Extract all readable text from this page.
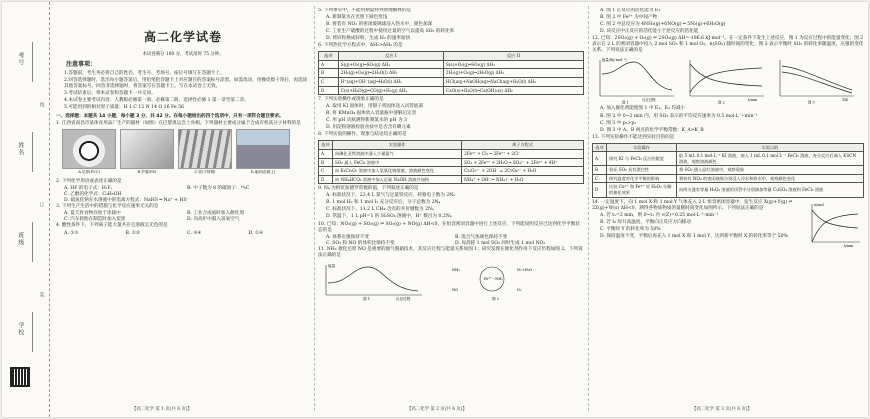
考号
姓名
班级
学校
线
订
装
高二化学试卷
本试卷满分 100 分，考试用时 75 分钟。
注意事项：

1.答题前，考生务必将自己的姓名、考生号、考场号、座位号填写在答题卡上。

2.回答选择题时，选出每小题答案后，用铅笔把答题卡上对应题目的答案标号涂黑。如需改动，用橡皮擦干净后，再选涂其他答案标号。回答非选择题时，将答案写在答题卡上。写在本试卷上无效。

3.考试结束后，将本试卷和答题卡一并交回。

4.本试卷主要考试内容：人教版必修第一册、必修第二册、选择性必修 1 第一章至第二章。

5.可能用到的相对原子质量：H 1 C 12 N 14 O 16 Fe 56

一、选择题：本题共 14 小题，每小题 3 分，共 42 分。在每小题给出的四个选项中，只有一项符合题目要求。

1. 江西省南昌市某体育用品厂生产的器材（如图）在巴黎奥运会上亮相。下列器材主要成分属于合成有机高分子材料的是

A.足球(PVC)	B.护膝(PE)	C.管(不锈钢)	D.地面(混凝土)

2. 下列化学用语或表述正确的是

A. HF 的电子式：H:F:	B. 中子数为 8 的碳原子：¹⁴₆C
C. 乙醇的化学式：C₂H₅OH
D. 硫氢化钠在水溶液中的电离方程式：NaHS ═ Na⁺ + HS⁻

3. 下列生产生活中的措施与化学反应速率无关的是

A. 夏天将食物存放于冰箱中	B. 工业合成氨时加入催化剂
C. 汽车轮胎在制造时加入炭黑	D. 向高炉中鼓入富氧空气

4. 酸性条件下，下列离子能大量共存且溶液呈无色的是

A. ①②	B. ②③	C. ③④	D. ①④
【高二化学 第 1 页(共 6 页)】

5. 下列事实中，不能用勒夏特列原理解释的是

A. 新制氯水在光照下颜色变浅

B. 将装有 NO₂ 的密闭玻璃球浸入热水中，颜色加深

C. 工业生产硫酸的过程中使用过量的空气以提高 SO₂ 的转化率

D. 将锌粒换成锌粉，生成 H₂ 的速率加快

6. 下列热化学方程式中，ΔH₁>ΔH₂ 的是

选项	反应 I	反应 II
A	S(g)+O₂(g)═SO₂(g) ΔH₁	S(s)+O₂(g)═SO₂(g) ΔH₂
B	2H₂(g)+O₂(g)═2H₂O(l) ΔH₁	2H₂(g)+O₂(g)═2H₂O(g) ΔH₂
C	H⁺(aq)+OH⁻(aq)═H₂O(l) ΔH₁	HCl(aq)+NaOH(aq)═NaCl(aq)+H₂O(l) ΔH₂
D	C(s)+H₂O(g)═CO(g)+H₂(g) ΔH₁	CaO(s)+H₂O(l)═Ca(OH)₂(s) ΔH₂

7. 下列实验操作或现象正确的是

A. 取用 KI 固体时，用镊子将固体送入试管底部

B. 将 KMnO₄ 固体放入容量瓶中溶解后定容

C. 用 pH 试纸测得新制氯水的 pH 为 3

D. 用淀粉溶液检验食盐中是否含有碘元素

8. 下列实验的操作、现象与结论均正确的是

选项	实验操作	离子方程式
A	向碘化亚铁溶液中通入少量氯气	2Fe²⁺ + Cl₂ ═ 2Fe³⁺ + 2Cl⁻
B	SO₂ 通入 FeCl₃ 溶液中	SO₂ + 2Fe³⁺ + 2H₂O ═ SO₄²⁻ + 2Fe²⁺ + 4H⁺
C	向 K₂Cr₂O₇ 溶液中加入氢氧化钠溶液，溶液颜色变化	Cr₂O₇²⁻ + 2OH⁻ ⇌ 2CrO₄²⁻ + H₂O
D	向 NH₄HCO₃ 溶液中加入足量 NaOH 溶液并加热	NH₄⁺ + OH⁻ ═ NH₃↑ + H₂O

9. Nₐ 为阿伏加德罗常数的值，下列叙述正确的是

A. 标准状况下，22.4 L 氯气与足量铁反应，转移电子数为 2Nₐ

B. 1 mol H₂ 和 1 mol I₂ 充分反应后，分子总数为 2Nₐ

C. 标准状况下，11.2 L CH₄ 含有的共价键数为 2Nₐ

D. 常温下，1 L pH=1 的 H₂SO₄ 溶液中，H⁺ 数目为 0.2Nₐ

10. 已知：NO₂(g) + SO₂(g) ⇌ SO₃(g) + NO(g) ΔH<0，在恒容密闭容器中进行上述反应，下列能说明反应已达到化学平衡状态的是

A. 体系压强保持不变	B. 混合气体颜色保持不变
C. SO₃ 和 NO 的体积比保持不变	D. 每消耗 1 mol SO₃ 同时生成 1 mol NO₂

11. NH₃ 催化还原 NO 是重要的烟气脱硝技术，其反应过程与能量关系如图 1；研究发现在催化剂作用下反应历程如图 2。下列说法正确的是

能量
反应过程
图 1
Fe³⁺···NH₂
NH₃	N₂+H₂O
NO	O₂
图 2
【高二化学 第 2 页(共 6 页)】

A. 图 1 正反应的活化能为 E₁

B. 图 2 中 Fe³⁺ 为中间产物

C. 图 2 中总反应为 4NH₃(g)+6NO(g) ═ 5N₂(g)+6H₂O(g)

D. 该反应中正反应的活化能小于逆反应的活化能

12. 已知：2SO₂(g) + O₂(g) ⇌ 2SO₃(g) ΔH=-196.6 kJ·mol⁻¹。在一定条件下发生上述反应，图 1 为反应过程中的能量变化；图 2 表示在 2 L 的密闭容器中投入 2 mol SO₂ 和 1 mol O₂，n(SO₃) 随时间的变化；图 3 表示平衡时 SO₂ 的转化率随温度、压强的变化关系。下列说法正确的是

能量/(kJ·mol⁻¹)
反应过程
图 1
t/min
图 2
T/K
图 3

A. 加入催化剂能使图 1 中 E₁、E₂ 均减小

B. 图 2 中 0~2 min 内，用 SO₂ 表示的平均反应速率为 0.5 mol·L⁻¹·min⁻¹

C. 图 3 中 p₁>p₂

D. 图 3 中 A、B 两点的化学平衡常数：K_A>K_B

13. 下列实验操作不能达到实验目的的是

选项	实验操作	实验目的
A	探究 KI 与 FeCl₃ 反应的限度	取 5 mL 0.1 mol·L⁻¹ KI 溶液，加入 1 mL 0.1 mol·L⁻¹ FeCl₃ 溶液，充分反应后滴入 KSCN 溶液，观察溶液颜色
B	验证 SO₂ 具有漂白性	将 SO₂ 通入品红溶液中，观察现象
C	探究温度对化学平衡的影响	将装有 NO₂ 的密闭烧瓶分别浸入冷水和热水中，观察颜色变化
D	比较 Cu²⁺ 和 Fe³⁺ 对 H₂O₂ 分解的催化效果	向两支盛有等量 H₂O₂ 溶液的试管中分别滴加等量 CuSO₄ 溶液和 FeCl₃ 溶液

14. 一定温度下，向 1 mol X 和 1 mol Y 气体充入 2 L 恒容密闭容器中，发生反应 X(g)+Y(g) ⇌ 2Z(g)+W(s) ΔH<0，测得各物质物质的量随时间变化如图所示。下列说法正确的是

A. 若 t₁=2 min，则 0~t₁ 内 v(Z)=0.25 mol·L⁻¹·min⁻¹

B. 若 t₂ 时升高温度，平衡向正反应方向移动

C. 平衡时 Y 的转化率为 50%

D. 保持温度不变，平衡后再充入 1 mol X 和 1 mol Y，达到新平衡时 X 的转化率等于 50%

n/mol
t/min
【高二化学 第 3 页(共 6 页)】
